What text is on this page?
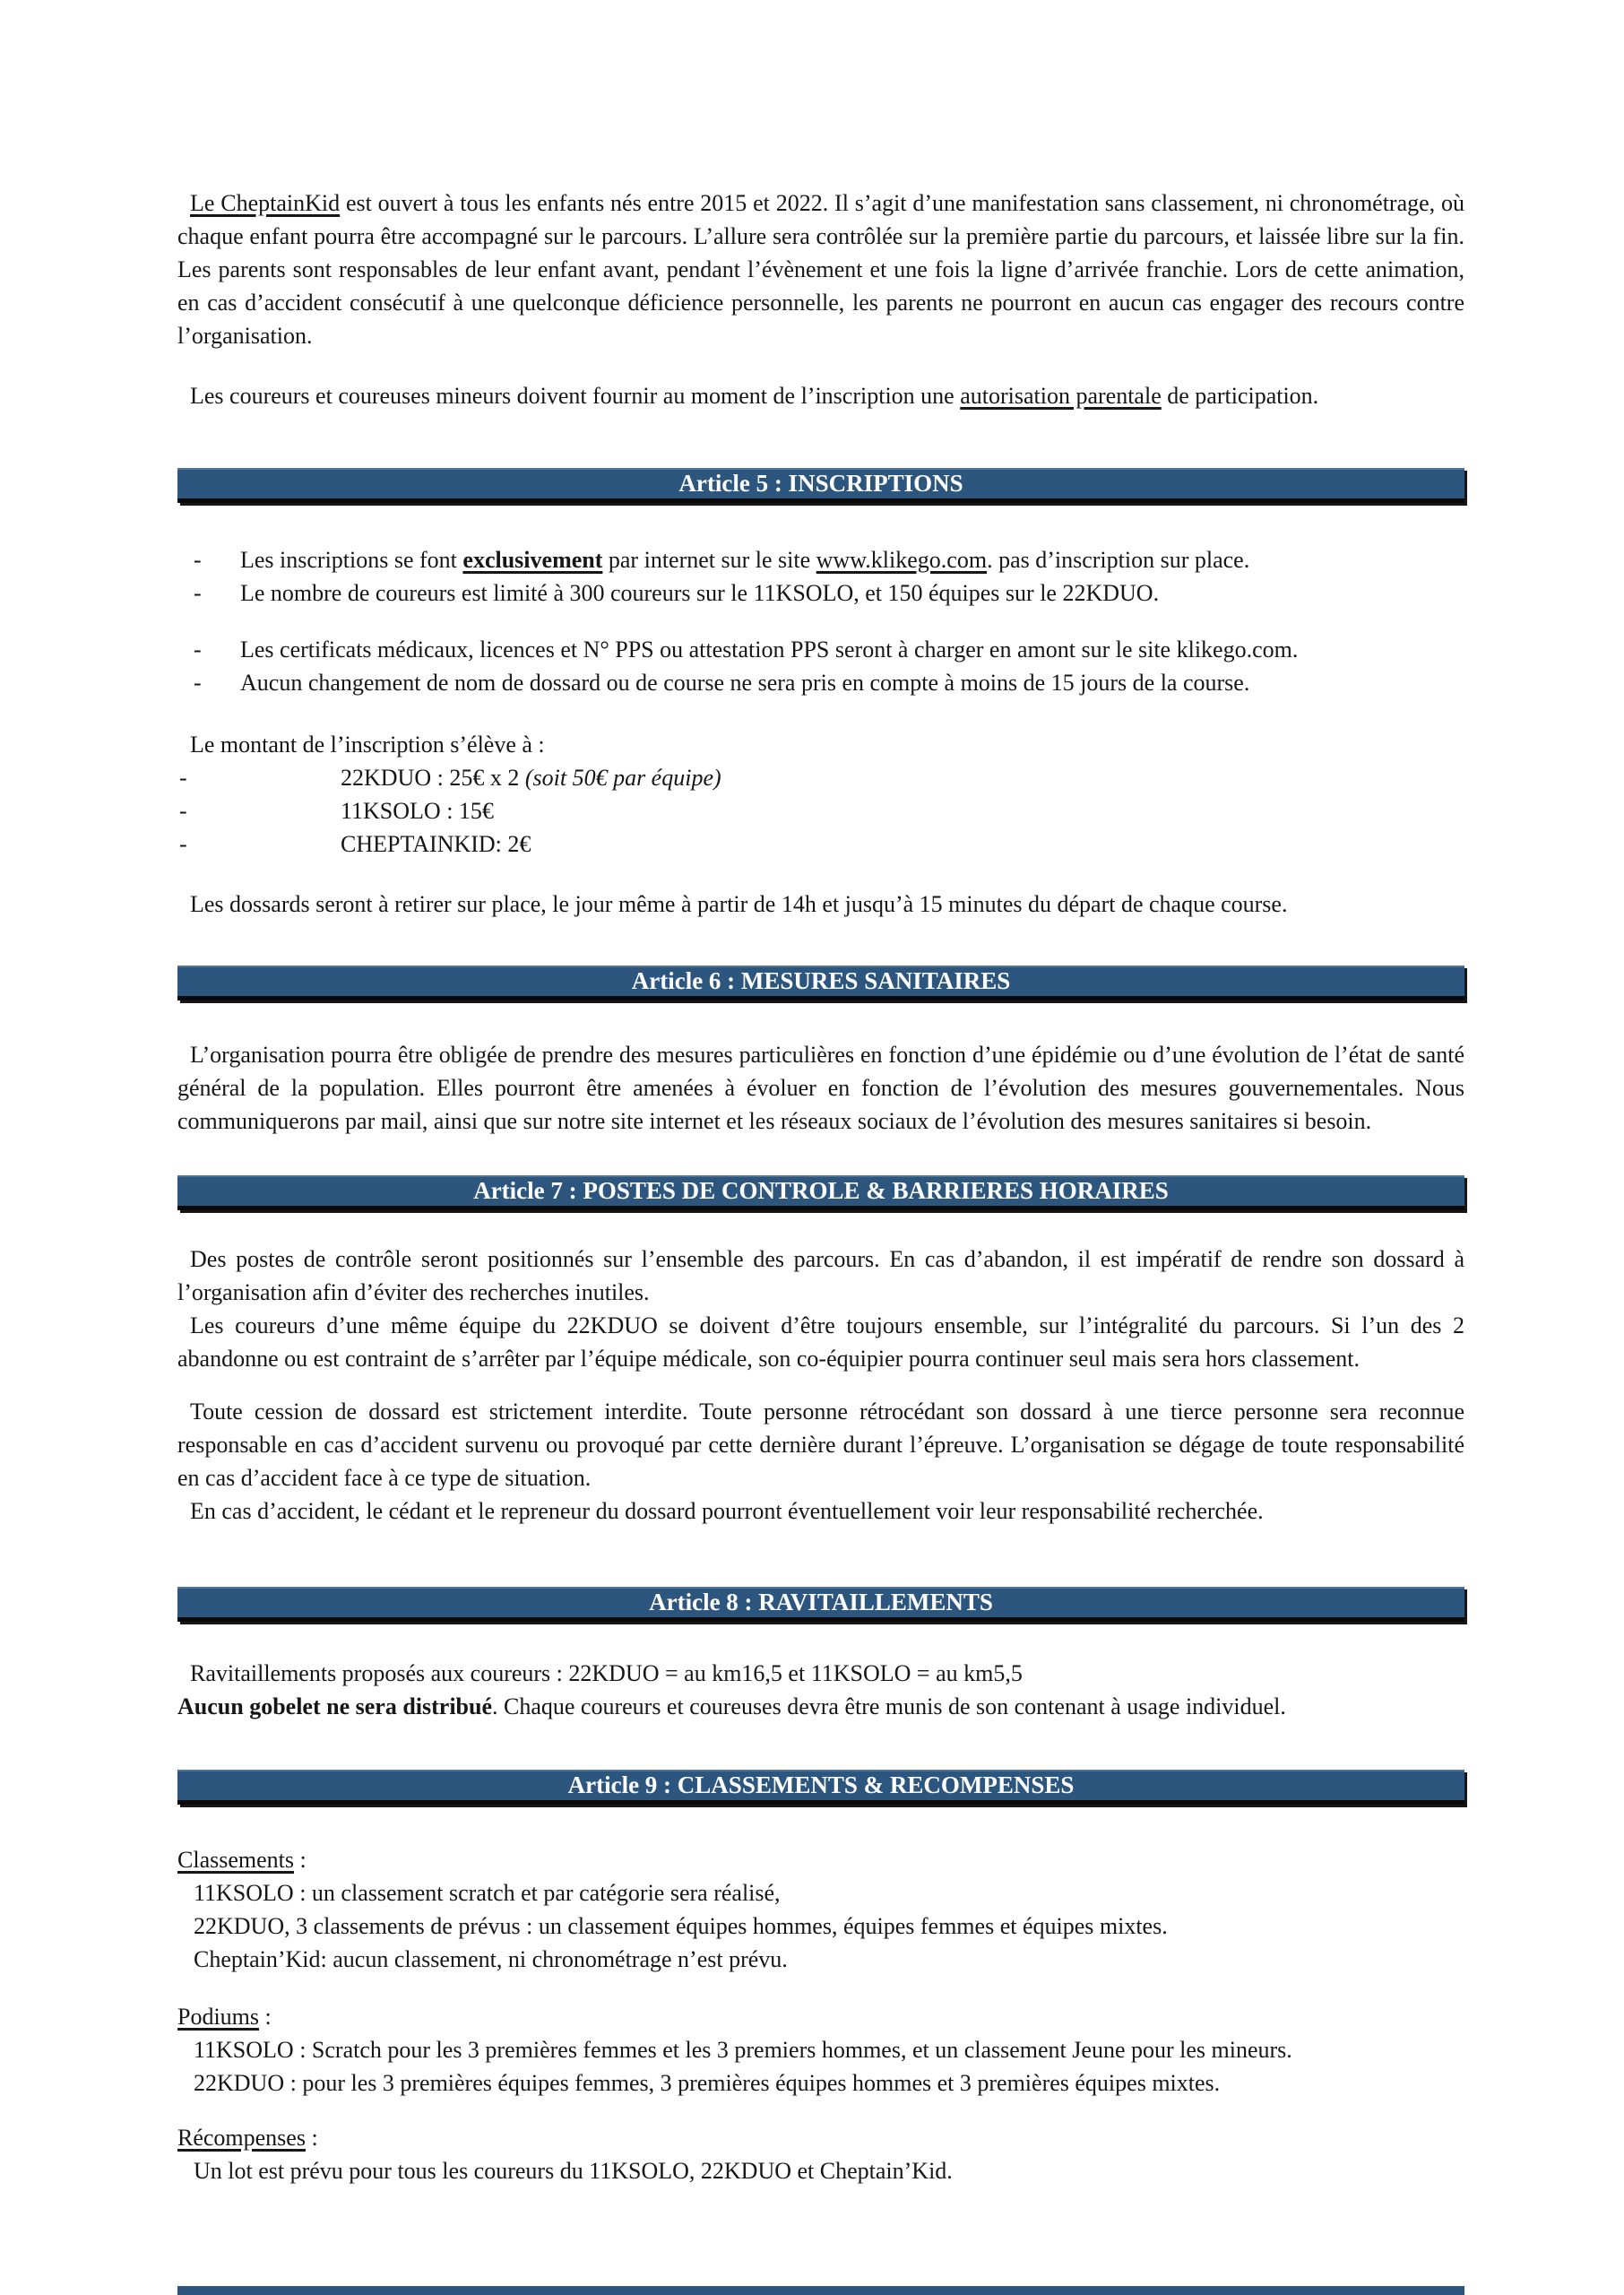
Le CheptainKid est ouvert à tous les enfants nés entre 2015 et 2022. Il s’agit d’une manifestation sans classement, ni chronométrage, où chaque enfant pourra être accompagné sur le parcours. L’allure sera contrôlée sur la première partie du parcours, et laissée libre sur la fin. Les parents sont responsables de leur enfant avant, pendant l’évènement et une fois la ligne d’arrivée franchie. Lors de cette animation, en cas d’accident consécutif à une quelconque déficience personnelle, les parents ne pourront en aucun cas engager des recours contre l’organisation.

Les coureurs et coureuses mineurs doivent fournir au moment de l’inscription une autorisation parentale de participation.

Article 5 : INSCRIPTIONS
-	Les inscriptions se font exclusivement par internet sur le site www.klikego.com. pas d’inscription sur place.
-	Le nombre de coureurs est limité à 300 coureurs sur le 11KSOLO, et 150 équipes sur le 22KDUO.
-	Les certificats médicaux, licences et N° PPS ou attestation PPS seront à charger en amont sur le site klikego.com.
-	Aucun changement de nom de dossard ou de course ne sera pris en compte à moins de 15 jours de la course.

Le montant de l’inscription s’élève à :

-	22KDUO : 25€ x 2 (soit 50€ par équipe)
-	11KSOLO : 15€
-	CHEPTAINKID: 2€

Les dossards seront à retirer sur place, le jour même à partir de 14h et jusqu’à 15 minutes du départ de chaque course.

Article 6 : MESURES SANITAIRES

L’organisation pourra être obligée de prendre des mesures particulières en fonction d’une épidémie ou d’une évolution de l’état de santé général de la population. Elles pourront être amenées à évoluer en fonction de l’évolution des mesures gouvernementales. Nous communiquerons par mail, ainsi que sur notre site internet et les réseaux sociaux de l’évolution des mesures sanitaires si besoin.

Article 7 : POSTES DE CONTROLE & BARRIERES HORAIRES

Des postes de contrôle seront positionnés sur l’ensemble des parcours. En cas d’abandon, il est impératif de rendre son dossard à l’organisation afin d’éviter des recherches inutiles.

Les coureurs d’une même équipe du 22KDUO se doivent d’être toujours ensemble, sur l’intégralité du parcours. Si l’un des 2 abandonne ou est contraint de s’arrêter par l’équipe médicale, son co-équipier pourra continuer seul mais sera hors classement.

Toute cession de dossard est strictement interdite. Toute personne rétrocédant son dossard à une tierce personne sera reconnue responsable en cas d’accident survenu ou provoqué par cette dernière durant l’épreuve. L’organisation se dégage de toute responsabilité en cas d’accident face à ce type de situation.

En cas d’accident, le cédant et le repreneur du dossard pourront éventuellement voir leur responsabilité recherchée.

Article 8 : RAVITAILLEMENTS

Ravitaillements proposés aux coureurs : 22KDUO = au km16,5 et 11KSOLO = au km5,5

Aucun gobelet ne sera distribué. Chaque coureurs et coureuses devra être munis de son contenant à usage individuel.

Article 9 : CLASSEMENTS & RECOMPENSES

Classements :

11KSOLO : un classement scratch et par catégorie sera réalisé,

22KDUO, 3 classements de prévus : un classement équipes hommes, équipes femmes et équipes mixtes.

Cheptain’Kid: aucun classement, ni chronométrage n’est prévu.

Podiums :

11KSOLO : Scratch pour les 3 premières femmes et les 3 premiers hommes, et un classement Jeune pour les mineurs.

22KDUO : pour les 3 premières équipes femmes, 3 premières équipes hommes et 3 premières équipes mixtes.

Récompenses :

Un lot est prévu pour tous les coureurs du 11KSOLO, 22KDUO et Cheptain’Kid.
